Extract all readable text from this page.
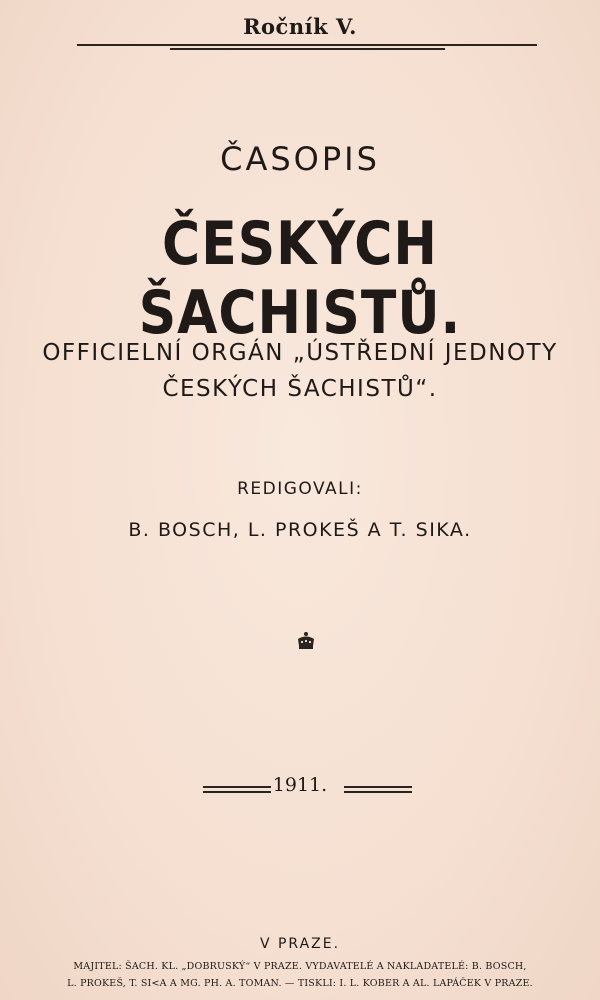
Ročník V.
ČASOPIS
ČESKÝCH ŠACHISTŮ.
OFFICIELNÍ ORGÁN „ÚSTŘEDNÍ JEDNOTY
ČESKÝCH ŠACHISTŮ“.
REDIGOVALI:
B. BOSCH, L. PROKEŠ A T. SIKA.
1911.
V PRAZE.
MAJITEL: ŠACH. KL. „DOBRUSKÝ“ V PRAZE. VYDAVATELÉ A NAKLADATELÉ: B. BOSCH,
L. PROKEŠ, T. SI<A A MG. PH. A. TOMAN. — TISKLI: I. L. KOBER A AL. LAPÁČEK V PRAZE.
